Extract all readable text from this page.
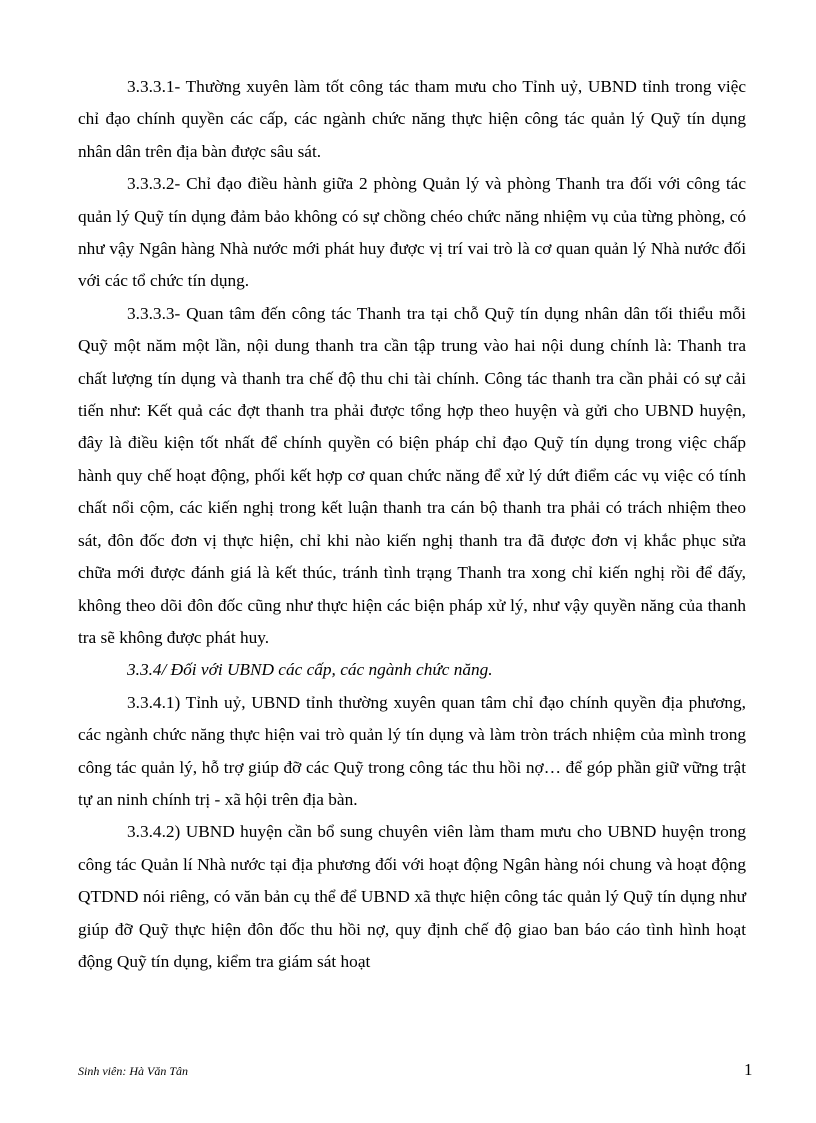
3.3.3.1- Thường xuyên làm tốt công tác tham mưu cho Tỉnh uỷ, UBND tỉnh trong việc chỉ đạo chính quyền các cấp, các ngành chức năng thực hiện công tác quản lý Quỹ tín dụng nhân dân trên địa bàn được sâu sát.

3.3.3.2- Chỉ đạo điều hành giữa 2 phòng Quản lý và phòng Thanh tra đối với công tác quản lý Quỹ tín dụng đảm bảo không có sự chồng chéo chức năng nhiệm vụ của từng phòng, có như vậy Ngân hàng Nhà nước mới phát huy được vị trí vai trò là cơ quan quản lý Nhà nước đối với các tổ chức tín dụng.

3.3.3.3- Quan tâm đến công tác Thanh tra tại chỗ Quỹ tín dụng nhân dân tối thiểu mỗi Quỹ một năm một lần, nội dung thanh tra cần tập trung vào hai nội dung chính là: Thanh tra chất lượng tín dụng và thanh tra chế độ thu chi tài chính. Công tác thanh tra cần phải có sự cải tiến như: Kết quả các đợt thanh tra phải được tổng hợp theo huyện và gửi cho UBND huyện, đây là điều kiện tốt nhất để chính quyền có biện pháp chỉ đạo Quỹ tín dụng trong việc chấp hành quy chế hoạt động, phối kết hợp cơ quan chức năng để xử lý dứt điểm các vụ việc có tính chất nổi cộm, các kiến nghị trong kết luận thanh tra cán bộ thanh tra phải có trách nhiệm theo sát, đôn đốc đơn vị thực hiện, chỉ khi nào kiến nghị thanh tra đã được đơn vị khắc phục sửa chữa mới được đánh giá là kết thúc, tránh tình trạng Thanh tra xong chỉ kiến nghị rồi để đấy, không theo dõi đôn đốc cũng như thực hiện các biện pháp xử lý, như vậy quyền năng của thanh tra sẽ không được phát huy.

3.3.4/ Đối với UBND các cấp, các ngành chức năng.

3.3.4.1) Tỉnh uỷ, UBND tỉnh thường xuyên quan tâm chỉ đạo chính quyền địa phương, các ngành chức năng thực hiện vai trò quản lý tín dụng và làm tròn trách nhiệm của mình trong công tác quản lý, hỗ trợ giúp đỡ các Quỹ trong công tác thu hồi nợ… để góp phần giữ vững trật tự an ninh chính trị - xã hội trên địa bàn.

3.3.4.2) UBND huyện cần bổ sung chuyên viên làm tham mưu cho UBND huyện trong công tác Quản lí Nhà nước tại địa phương đối với hoạt động Ngân hàng nói chung và hoạt động QTDND nói riêng, có văn bản cụ thể để UBND xã thực hiện công tác quản lý Quỹ tín dụng như giúp đỡ Quỹ thực hiện đôn đốc thu hồi nợ, quy định chế độ giao ban báo cáo tình hình hoạt động Quỹ tín dụng, kiểm tra giám sát hoạt

Sinh viên: Hà Văn Tân	1
